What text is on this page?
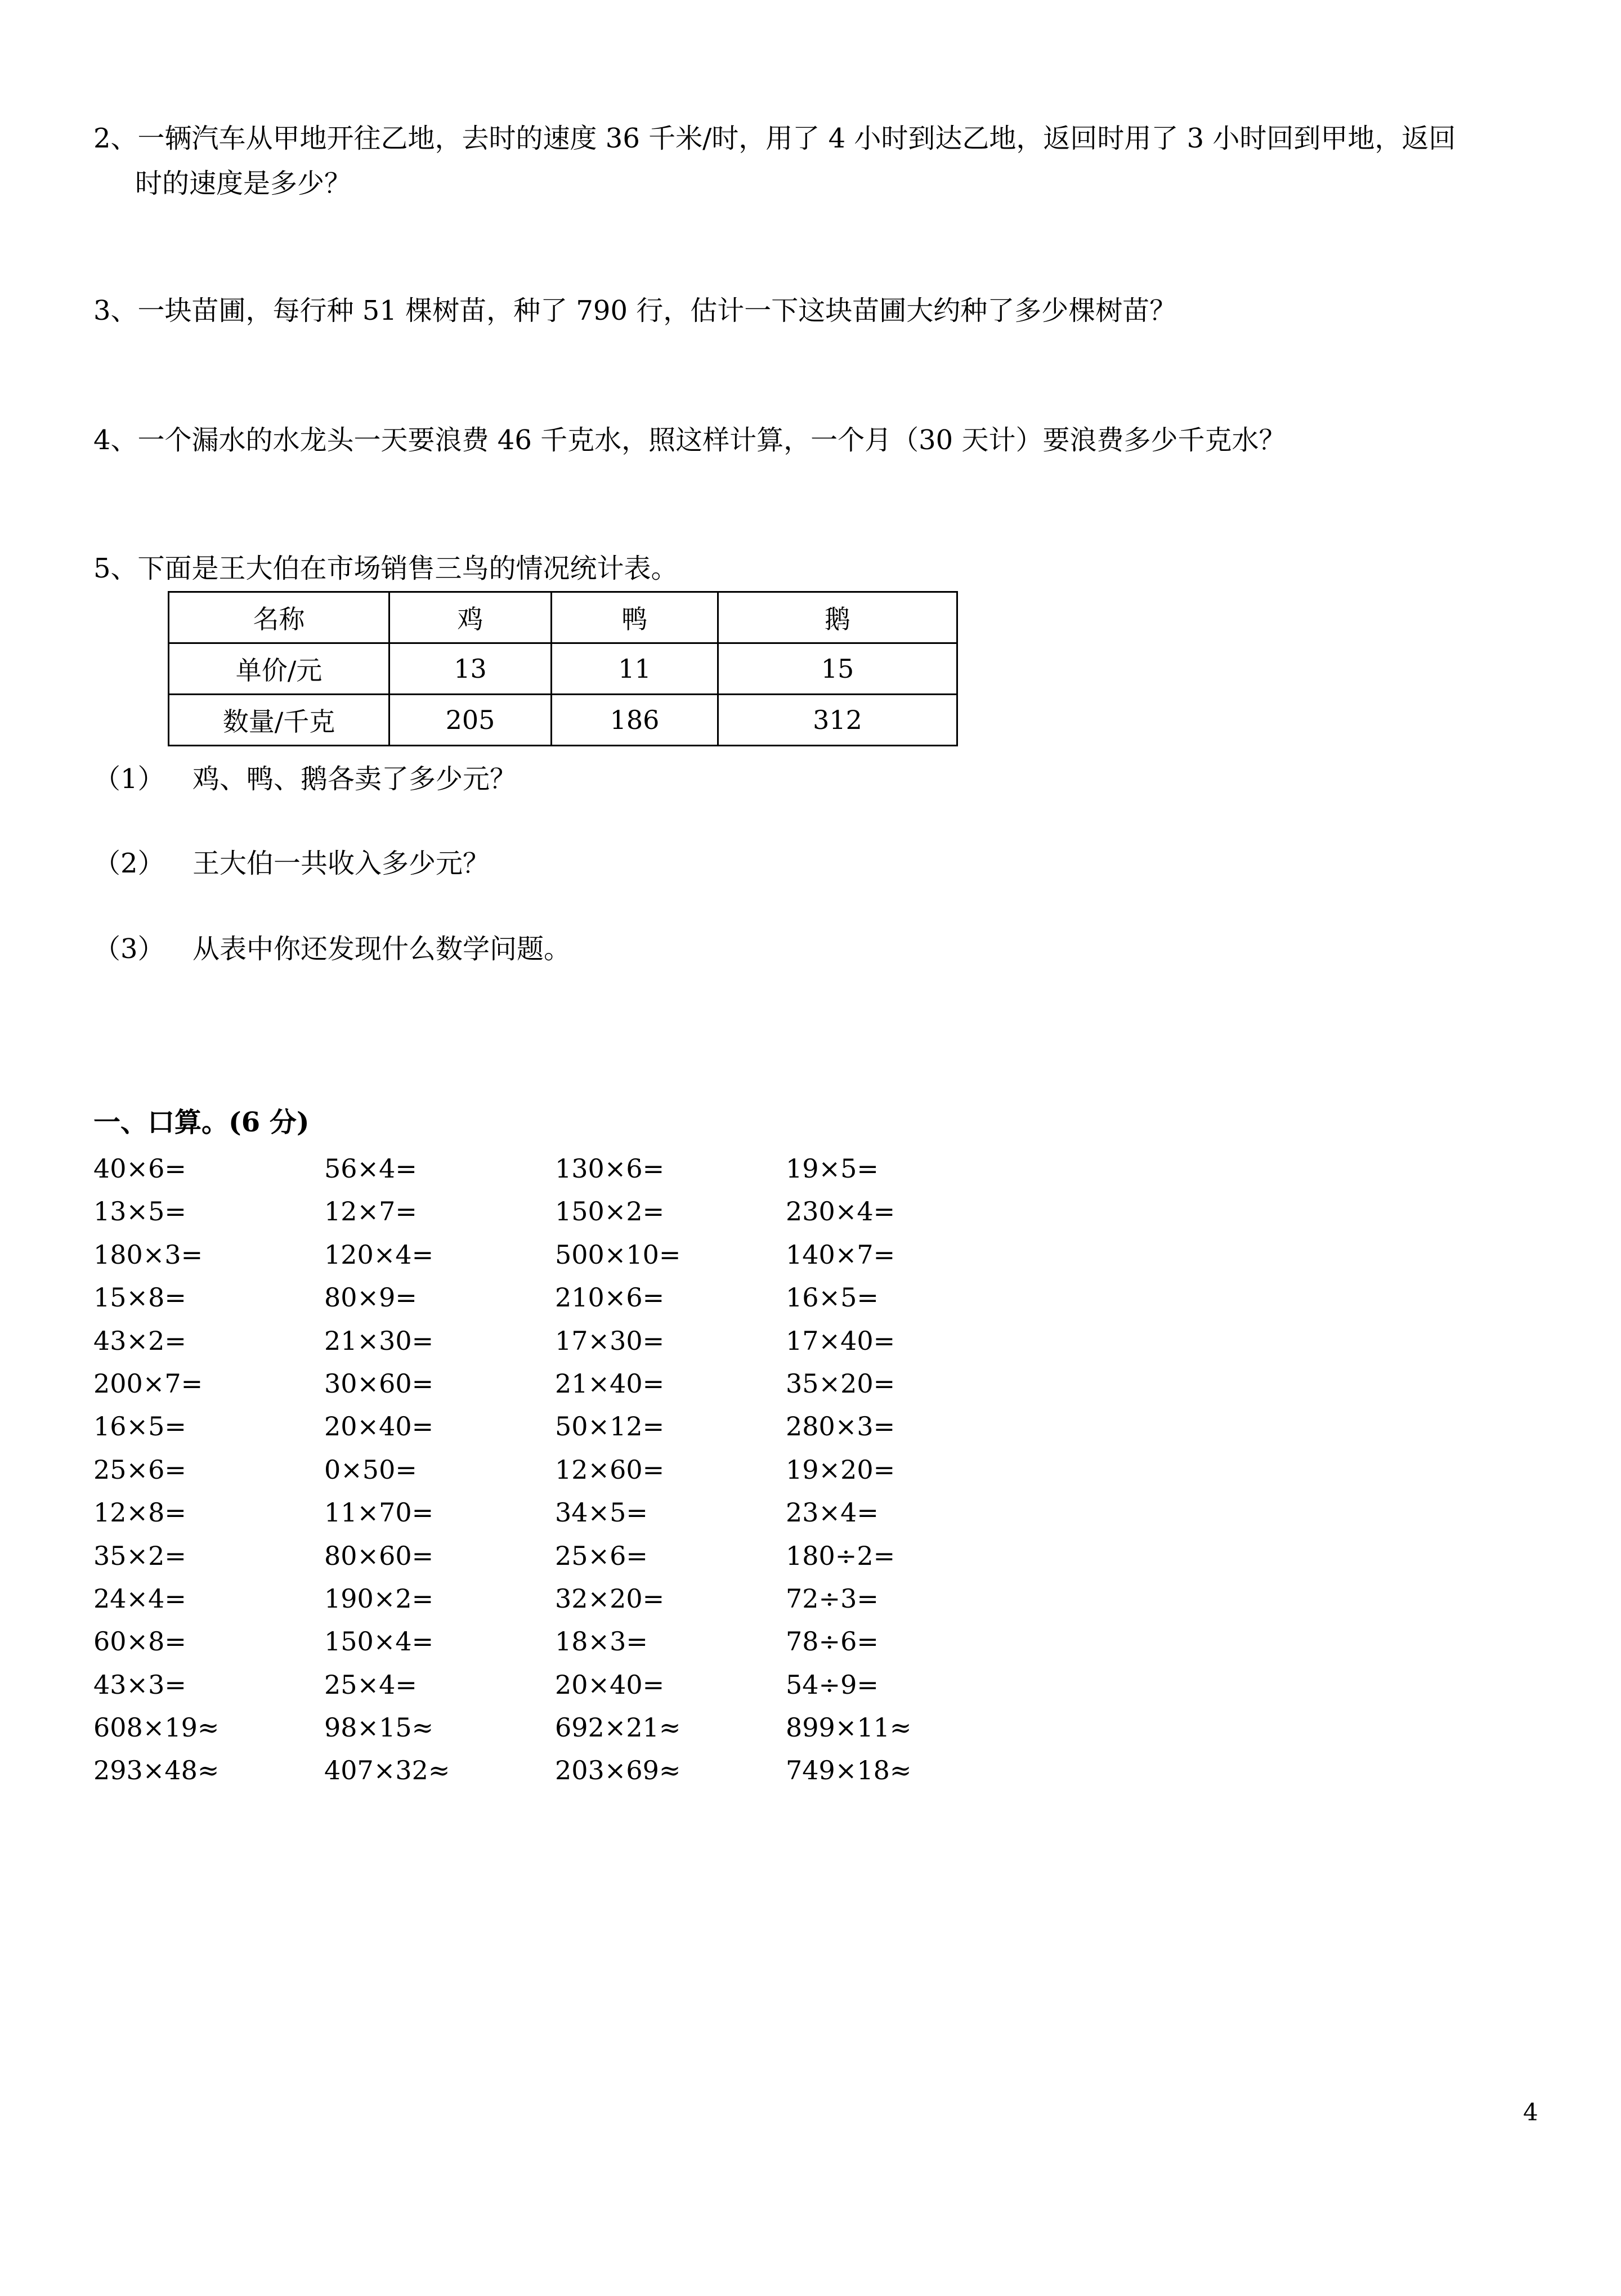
2、一辆汽车从甲地开往乙地，去时的速度 36 千米/时，用了 4 小时到达乙地，返回时用了 3 小时回到甲地，返回

时的速度是多少？

3、一块苗圃，每行种 51 棵树苗，种了 790 行，估计一下这块苗圃大约种了多少棵树苗？

4、一个漏水的水龙头一天要浪费 46 千克水，照这样计算，一个月（30 天计）要浪费多少千克水？

5、下面是王大伯在市场销售三鸟的情况统计表。

名称	鸡	鸭	鹅
单价/元	13	11	15
数量/千克	205	186	312

（1） 鸡、鸭、鹅各卖了多少元？

（2） 王大伯一共收入多少元？

（3） 从表中你还发现什么数学问题。

一、口算。(6 分)

40×6=	56×4=	130×6=	19×5=
13×5=	12×7=	150×2=	230×4=
180×3=	120×4=	500×10=	140×7=
15×8=	80×9=	210×6=	16×5=
43×2=	21×30=	17×30=	17×40=
200×7=	30×60=	21×40=	35×20=
16×5=	20×40=	50×12=	280×3=
25×6=	0×50=	12×60=	19×20=
12×8=	11×70=	34×5=	23×4=
35×2=	80×60=	25×6=	180÷2=
24×4=	190×2=	32×20=	72÷3=
60×8=	150×4=	18×3=	78÷6=
43×3=	25×4=	20×40=	54÷9=
608×19≈	98×15≈	692×21≈	899×11≈
293×48≈	407×32≈	203×69≈	749×18≈

4
